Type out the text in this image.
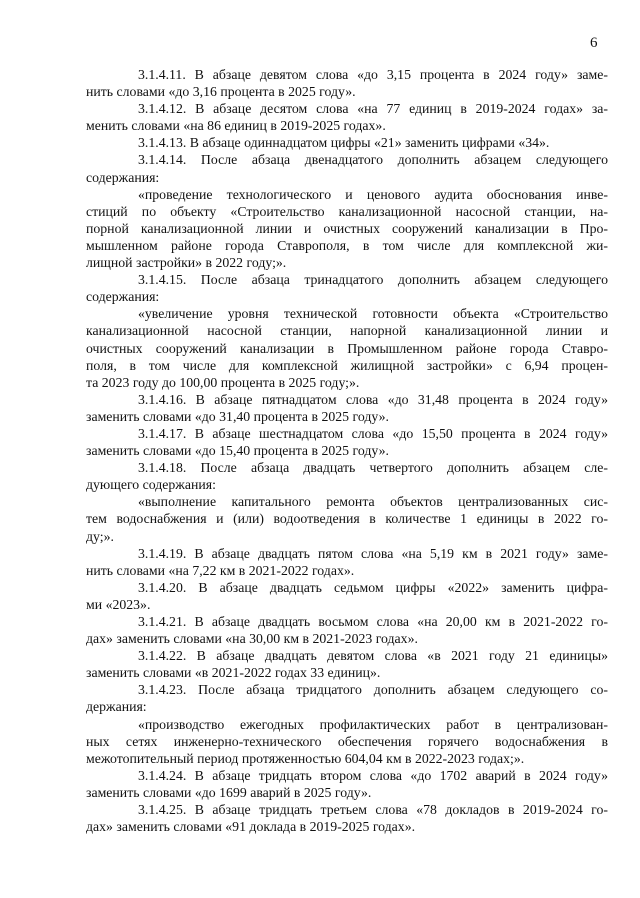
6
3.1.4.11. В абзаце девятом слова «до 3,15 процента в 2024 году» заме-
нить словами «до 3,16 процента в 2025 году».
3.1.4.12. В абзаце десятом слова «на 77 единиц в 2019-2024 годах» за-
менить словами «на 86 единиц в 2019-2025 годах».
3.1.4.13. В абзаце одиннадцатом цифры «21» заменить цифрами «34».
3.1.4.14. После абзаца двенадцатого дополнить абзацем следующего
содержания:
«проведение технологического и ценового аудита обоснования инве-
стиций по объекту «Строительство канализационной насосной станции, на-
порной канализационной линии и очистных сооружений канализации в Про-
мышленном районе города Ставрополя, в том числе для комплексной жи-
лищной застройки» в 2022 году;».
3.1.4.15. После абзаца тринадцатого дополнить абзацем следующего
содержания:
«увеличение уровня технической готовности объекта «Строительство
канализационной насосной станции, напорной канализационной линии и
очистных сооружений канализации в Промышленном районе города Ставро-
поля, в том числе для комплексной жилищной застройки» с 6,94 процен-
та 2023 году до 100,00 процента в 2025 году;».
3.1.4.16. В абзаце пятнадцатом слова «до 31,48 процента в 2024 году»
заменить словами «до 31,40 процента в 2025 году».
3.1.4.17. В абзаце шестнадцатом слова «до 15,50 процента в 2024 году»
заменить словами «до 15,40 процента в 2025 году».
3.1.4.18. После абзаца двадцать четвертого дополнить абзацем сле-
дующего содержания:
«выполнение капитального ремонта объектов централизованных сис-
тем водоснабжения и (или) водоотведения в количестве 1 единицы в 2022 го-
ду;».
3.1.4.19. В абзаце двадцать пятом слова «на 5,19 км в 2021 году» заме-
нить словами «на 7,22 км в 2021-2022 годах».
3.1.4.20. В абзаце двадцать седьмом цифры «2022» заменить цифра-
ми «2023».
3.1.4.21. В абзаце двадцать восьмом слова «на 20,00 км в 2021-2022 го-
дах» заменить словами «на 30,00 км в 2021-2023 годах».
3.1.4.22. В абзаце двадцать девятом слова «в 2021 году 21 единицы»
заменить словами «в 2021-2022 годах 33 единиц».
3.1.4.23. После абзаца тридцатого дополнить абзацем следующего со-
держания:
«производство ежегодных профилактических работ в централизован-
ных сетях инженерно-технического обеспечения горячего водоснабжения в
межотопительный период протяженностью 604,04 км в 2022-2023 годах;».
3.1.4.24. В абзаце тридцать втором слова «до 1702 аварий в 2024 году»
заменить словами «до 1699 аварий в 2025 году».
3.1.4.25. В абзаце тридцать третьем слова «78 докладов в 2019-2024 го-
дах» заменить словами «91 доклада в 2019-2025 годах».
